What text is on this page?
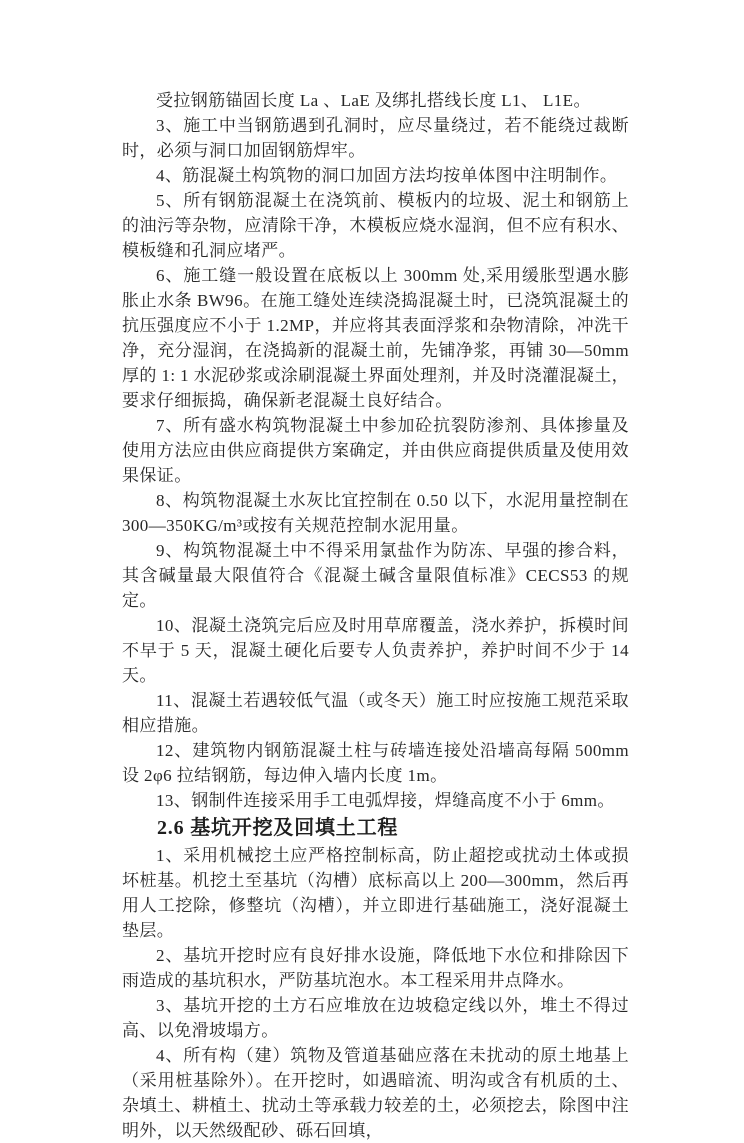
受拉钢筋锚固长度 La 、LaE 及绑扎搭线长度 L1、 L1E。

3、施工中当钢筋遇到孔洞时，应尽量绕过，若不能绕过裁断时，必须与洞口加固钢筋焊牢。

4、筋混凝土构筑物的洞口加固方法均按单体图中注明制作。

5、所有钢筋混凝土在浇筑前、模板内的垃圾、泥土和钢筋上的油污等杂物，应清除干净，木模板应烧水湿润，但不应有积水、模板缝和孔洞应堵严。

6、施工缝一般设置在底板以上 300mm 处,采用缓胀型遇水膨胀止水条 BW96。在施工缝处连续浇捣混凝土时，已浇筑混凝土的抗压强度应不小于 1.2MP，并应将其表面浮浆和杂物清除，冲洗干净，充分湿润，在浇捣新的混凝土前，先铺净浆，再铺 30—50mm 厚的 1: 1 水泥砂浆或涂刷混凝土界面处理剂，并及时浇灌混凝土，要求仔细振捣，确保新老混凝土良好结合。

7、所有盛水构筑物混凝土中参加砼抗裂防渗剂、具体掺量及使用方法应由供应商提供方案确定，并由供应商提供质量及使用效果保证。

8、构筑物混凝土水灰比宜控制在 0.50 以下，水泥用量控制在 300—350KG/m³或按有关规范控制水泥用量。

9、构筑物混凝土中不得采用氯盐作为防冻、早强的掺合料，其含碱量最大限值符合《混凝土碱含量限值标准》CECS53 的规定。

10、混凝土浇筑完后应及时用草席覆盖，浇水养护，拆模时间不早于 5 天，混凝土硬化后要专人负责养护，养护时间不少于 14 天。

11、混凝土若遇较低气温（或冬天）施工时应按施工规范采取相应措施。

12、建筑物内钢筋混凝土柱与砖墙连接处沿墙高每隔 500mm 设 2φ6 拉结钢筋，每边伸入墙内长度 1m。

13、钢制件连接采用手工电弧焊接，焊缝高度不小于 6mm。

2.6 基坑开挖及回填土工程

1、采用机械挖土应严格控制标高，防止超挖或扰动土体或损坏桩基。机挖土至基坑（沟槽）底标高以上 200—300mm，然后再用人工挖除，修整坑（沟槽），并立即进行基础施工，浇好混凝土垫层。

2、基坑开挖时应有良好排水设施，降低地下水位和排除因下雨造成的基坑积水，严防基坑泡水。本工程采用井点降水。

3、基坑开挖的土方石应堆放在边坡稳定线以外，堆土不得过高、以免滑坡塌方。

4、所有构（建）筑物及管道基础应落在未扰动的原土地基上（采用桩基除外）。在开挖时，如遇暗流、明沟或含有机质的土、杂填土、耕植土、扰动土等承载力较差的土，必须挖去，除图中注明外，以天然级配砂、砾石回填，
